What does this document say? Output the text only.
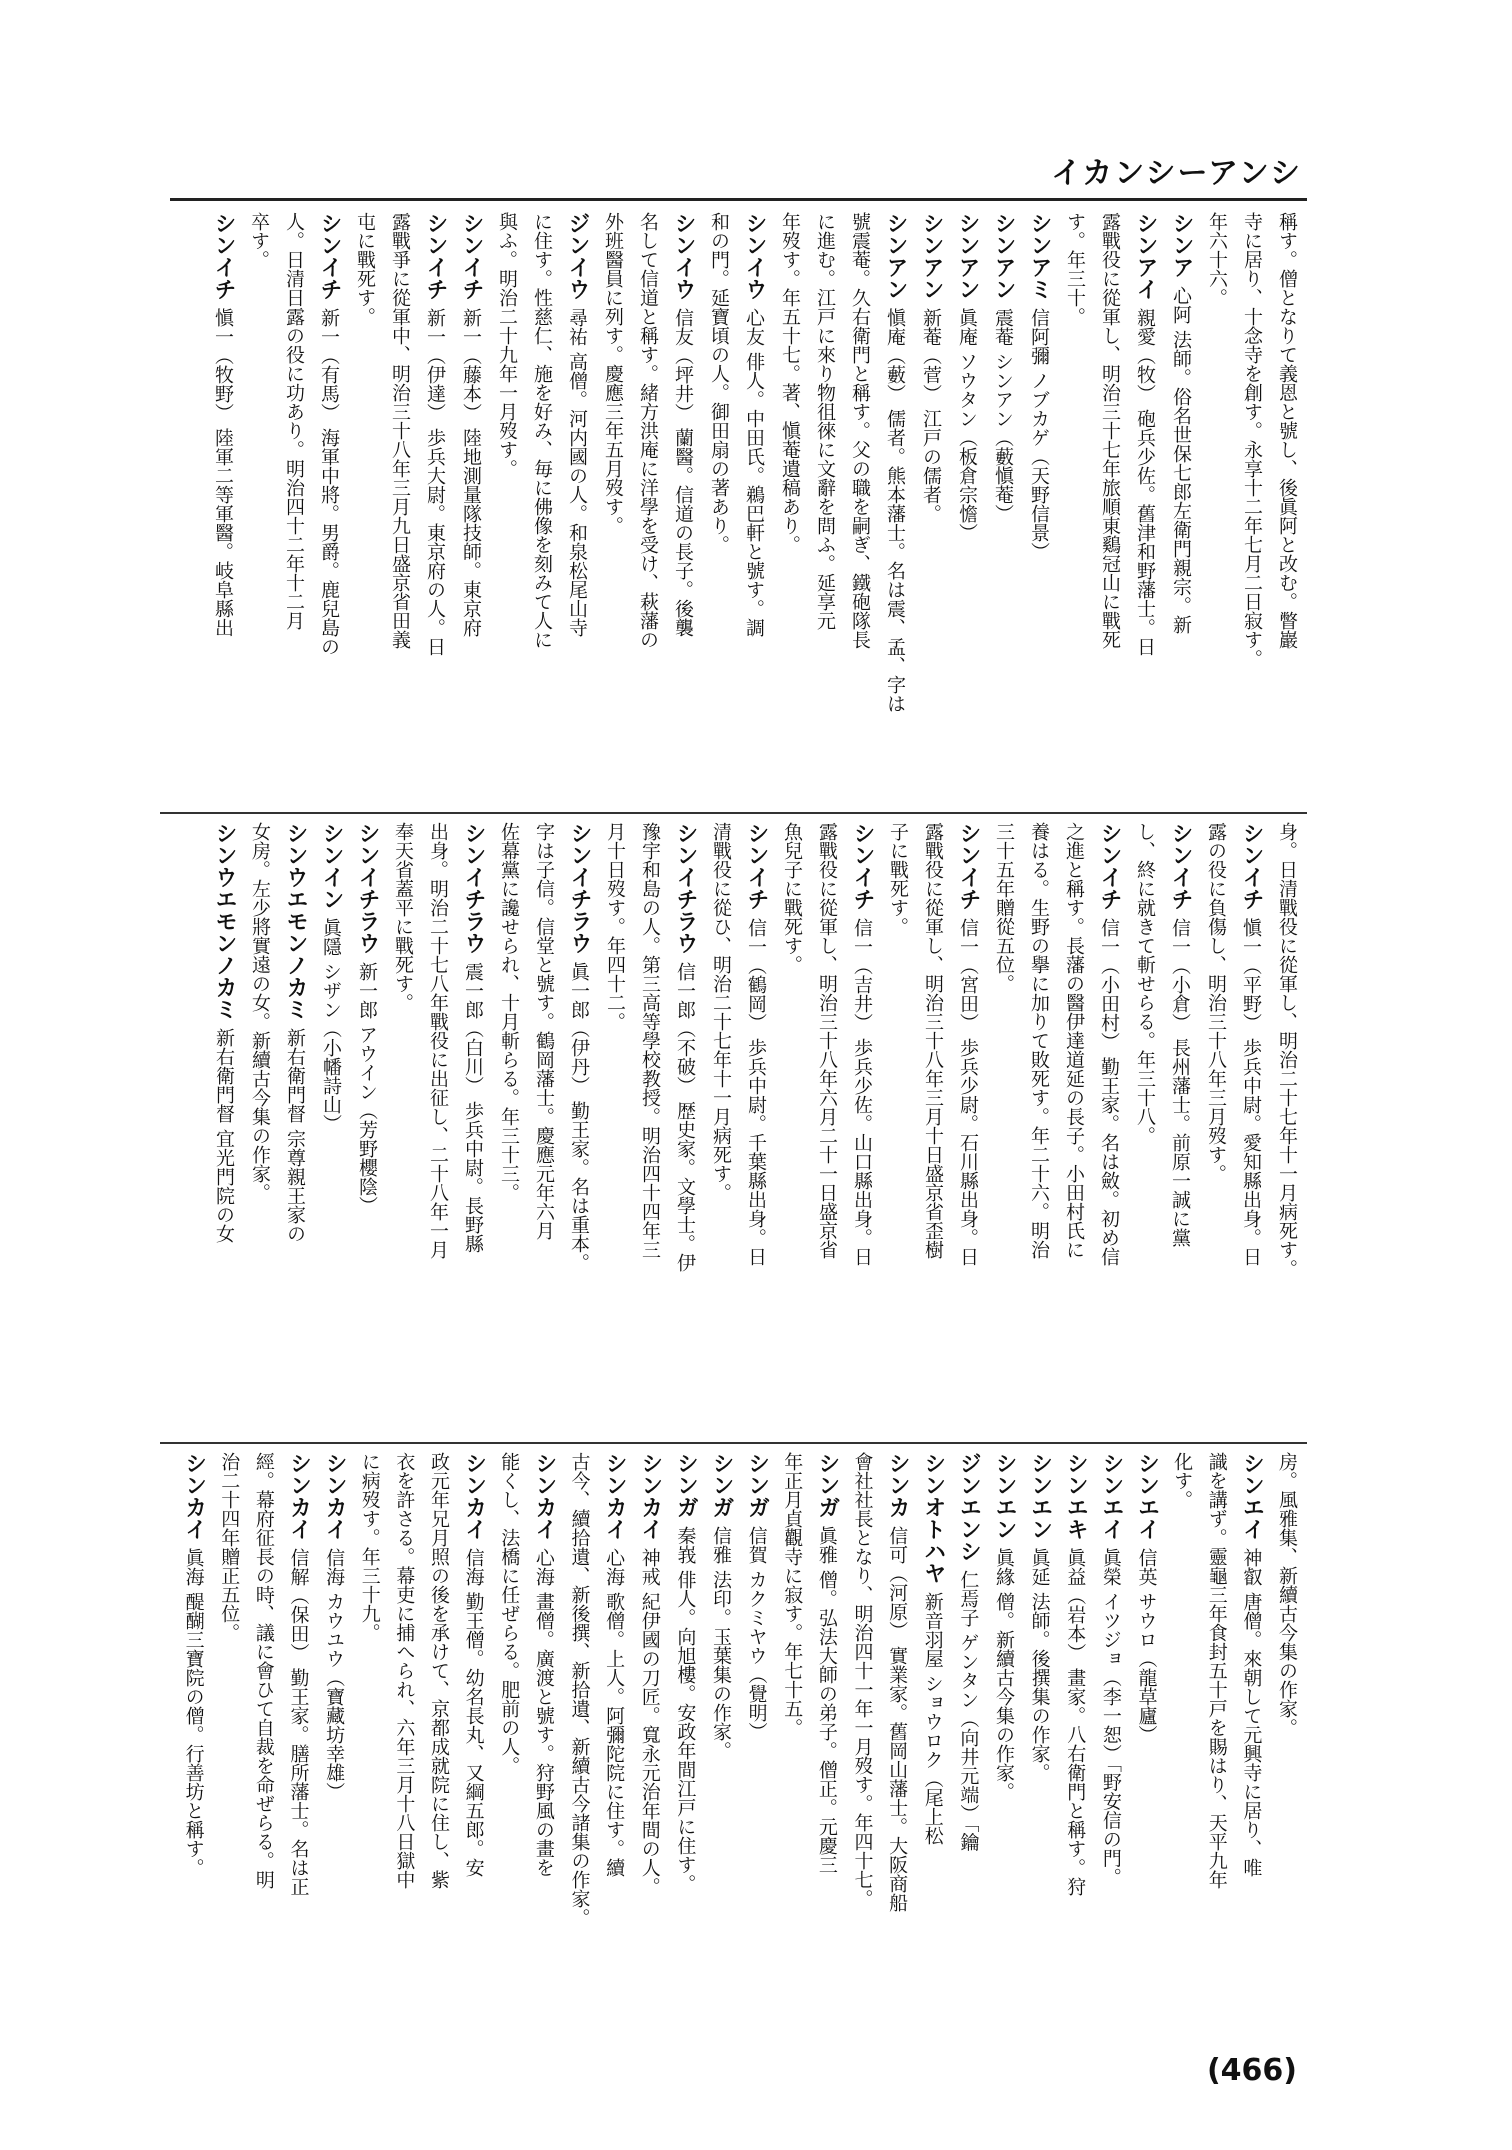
イカンシーアンシ
稱す。僧となりて義恩と號し、後眞阿と改む。瞥巖
寺に居り、十念寺を創す。永享十二年七月二日寂す。
年六十六。
シンア 心阿 法師。俗名世保七郎左衛門親宗。新
シンアイ 親愛（牧） 砲兵少佐。舊津和野藩士。日
露戰役に從軍し、明治三十七年旅順東鷄冠山に戰死
す。年三十。
シンアミ 信阿彌 ノブカゲ（天野信景）
シンアン 震菴 シンアン（藪愼菴）
シンアン 眞庵 ソウタン（板倉宗憺）
シンアン 新菴（菅） 江戸の儒者。
シンアン 愼庵（藪） 儒者。熊本藩士。名は震、孟、字は
號震菴。久右衛門と稱す。父の職を嗣ぎ、鐵砲隊長
に進む。江戸に來り物徂徠に文辭を問ふ。延享元
年歿す。年五十七。著、愼菴遺稿あり。
シンイウ 心友 俳人。中田氏。鵜巴軒と號す。調
和の門。延寶頃の人。御田扇の著あり。
シンイウ 信友（坪井） 蘭醫。信道の長子。後襲
名して信道と稱す。緒方洪庵に洋學を受け、萩藩の
外班醫員に列す。慶應三年五月歿す。
ジンイウ 尋祐 高僧。河内國の人。和泉松尾山寺
に住す。性慈仁、施を好み、毎に佛像を刻みて人に
與ふ。明治二十九年一月歿す。
シンイチ 新一（藤本） 陸地測量隊技師。東京府
シンイチ 新一（伊達） 歩兵大尉。東京府の人。日
露戰爭に從軍中、明治三十八年三月九日盛京省田義
屯に戰死す。
シンイチ 新一（有馬） 海軍中將。男爵。鹿兒島の
人。日清日露の役に功あり。明治四十二年十二月
卒す。
シンイチ 愼一（牧野） 陸軍二等軍醫。岐阜縣出
身。日清戰役に從軍し、明治二十七年十一月病死す。
シンイチ 愼一（平野） 歩兵中尉。愛知縣出身。日
露の役に負傷し、明治三十八年三月歿す。
シンイチ 信一（小倉） 長州藩士。前原一誠に黨
し、終に就きて斬せらる。年三十八。
シンイチ 信一（小田村） 勤王家。名は斂。初め信
之進と稱す。長藩の醫伊達道延の長子。小田村氏に
養はる。生野の擧に加りて敗死す。年二十六。明治
三十五年贈從五位。
シンイチ 信一（宮田） 歩兵少尉。石川縣出身。日
露戰役に從軍し、明治三十八年三月十日盛京省歪樹
子に戰死す。
シンイチ 信一（吉井） 歩兵少佐。山口縣出身。日
露戰役に從軍し、明治三十八年六月二十一日盛京省
魚兒子に戰死す。
シンイチ 信一（鶴岡） 歩兵中尉。千葉縣出身。日
清戰役に從ひ、明治二十七年十一月病死す。
シンイチラウ 信一郎（不破） 歴史家。文學士。伊
豫宇和島の人。第三高等學校教授。明治四十四年三
月十日歿す。年四十二。
シンイチラウ 眞一郎（伊丹） 勤王家。名は重本。
字は子信。信堂と號す。鶴岡藩士。慶應元年六月
佐幕黨に讒せられ、十月斬らる。年三十三。
シンイチラウ 震一郎（白川） 歩兵中尉。長野縣
出身。明治二十七八年戰役に出征し、二十八年一月
奉天省蓋平に戰死す。
シンイチラウ 新一郎 アウイン（芳野櫻陰）
シンイン 眞隱 シザン（小幡詩山）
シンウエモンノカミ 新右衛門督 宗尊親王家の
女房。左少將實遠の女。新續古今集の作家。
シンウエモンノカミ 新右衛門督 宜光門院の女
房。風雅集、新續古今集の作家。
シンエイ 神叡 唐僧。來朝して元興寺に居り、唯
識を講ず。靈龜三年食封五十戸を賜はり、天平九年
化す。
シンエイ 信英 サウロ（龍草廬）
シンエイ 眞榮 イツジョ（李一恕）「野安信の門。
シンエキ 眞益（岩本） 畫家。八右衛門と稱す。狩
シンエン 眞延 法師。後撰集の作家。
シンエン 眞緣 僧。新續古今集の作家。
ジンエンシ 仁焉子 ゲンタン（向井元端）「鑰
シンオトハヤ 新音羽屋 ショウロク（尾上松
シンカ 信可（河原） 實業家。舊岡山藩士。大阪商船
會社社長となり、明治四十一年一月歿す。年四十七。
シンガ 眞雅 僧。弘法大師の弟子。僧正。元慶三
年正月貞觀寺に寂す。年七十五。
シンガ 信賀 カクミヤウ（覺明）
シンガ 信雅 法印。玉葉集の作家。
シンガ 秦峩 俳人。向旭樓。安政年間江戸に住す。
シンカイ 神戒 紀伊國の刀匠。寬永元治年間の人。
シンカイ 心海 歌僧。上人。阿彌陀院に住す。續
古今、續拾遺、新後撰、新拾遺、新續古今諸集の作家。
シンカイ 心海 畫僧。廣渡と號す。狩野風の畫を
能くし、法橋に任ぜらる。肥前の人。
シンカイ 信海 勤王僧。幼名長丸、又綱五郎。安
政元年兄月照の後を承けて、京都成就院に住し、紫
衣を許さる。幕吏に捕へられ、六年三月十八日獄中
に病歿す。年三十九。
シンカイ 信海 カウユウ（寶藏坊幸雄）
シンカイ 信解（保田） 勤王家。膳所藩士。名は正
經。幕府征長の時、議に會ひて自裁を命ぜらる。明
治二十四年贈正五位。
シンカイ 眞海 醍醐三寶院の僧。行善坊と稱す。
(466)
